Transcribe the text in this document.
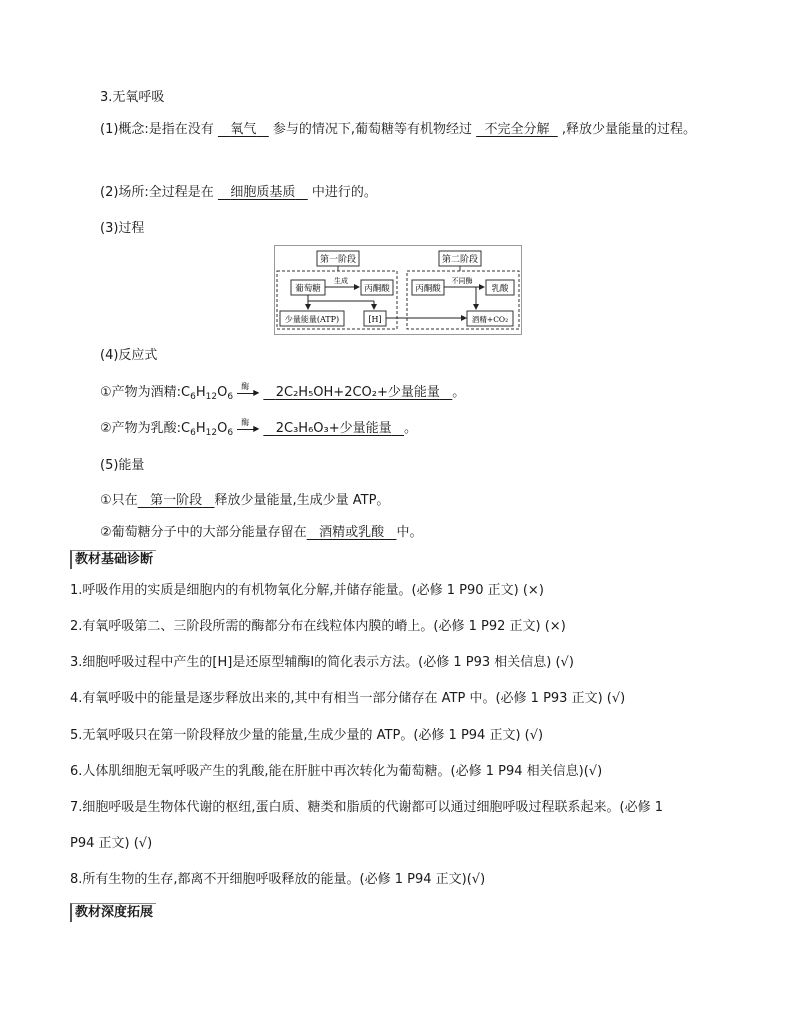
3.无氧呼吸
(1)概念:是指在没有 氧气 参与的情况下,葡萄糖等有机物经过 不完全分解 ,释放少量能量的过程。
(2)场所:全过程是在 细胞质基质 中进行的。
(3)过程
第一阶段	第二阶段
葡萄糖
生成
丙酮酸
少量能量(ATP)	[H]
丙酮酸
不同酶
乳酸
酒精+CO₂
(4)反应式
①产物为酒精$:C_6H_{12}O_6$
酶
▶ 2C₂H₅OH+2CO₂+少量能量 。
②产物为乳酸$:C_6H_{12}O_6$
酶
▶ 2C₃H₆O₃+少量能量 。
(5)能量
①只在 第一阶段 释放少量能量,生成少量 ATP。
②葡萄糖分子中的大部分能量存留在 酒精或乳酸 中。
教材基础诊断
1.呼吸作用的实质是细胞内的有机物氧化分解,并储存能量。(必修 1 P90 正文) (×)
2.有氧呼吸第二、三阶段所需的酶都分布在线粒体内膜的嵴上。(必修 1 P92 正文) (×)
3.细胞呼吸过程中产生的[H]是还原型辅酶Ⅰ的简化表示方法。(必修 1 P93 相关信息) (√)
4.有氧呼吸中的能量是逐步释放出来的,其中有相当一部分储存在 ATP 中。(必修 1 P93 正文) (√)
5.无氧呼吸只在第一阶段释放少量的能量,生成少量的 ATP。(必修 1 P94 正文) (√)
6.人体肌细胞无氧呼吸产生的乳酸,能在肝脏中再次转化为葡萄糖。(必修 1 P94 相关信息)(√)
7.细胞呼吸是生物体代谢的枢纽,蛋白质、糖类和脂质的代谢都可以通过细胞呼吸过程联系起来。(必修 1
P94 正文) (√)
8.所有生物的生存,都离不开细胞呼吸释放的能量。(必修 1 P94 正文)(√)
教材深度拓展
